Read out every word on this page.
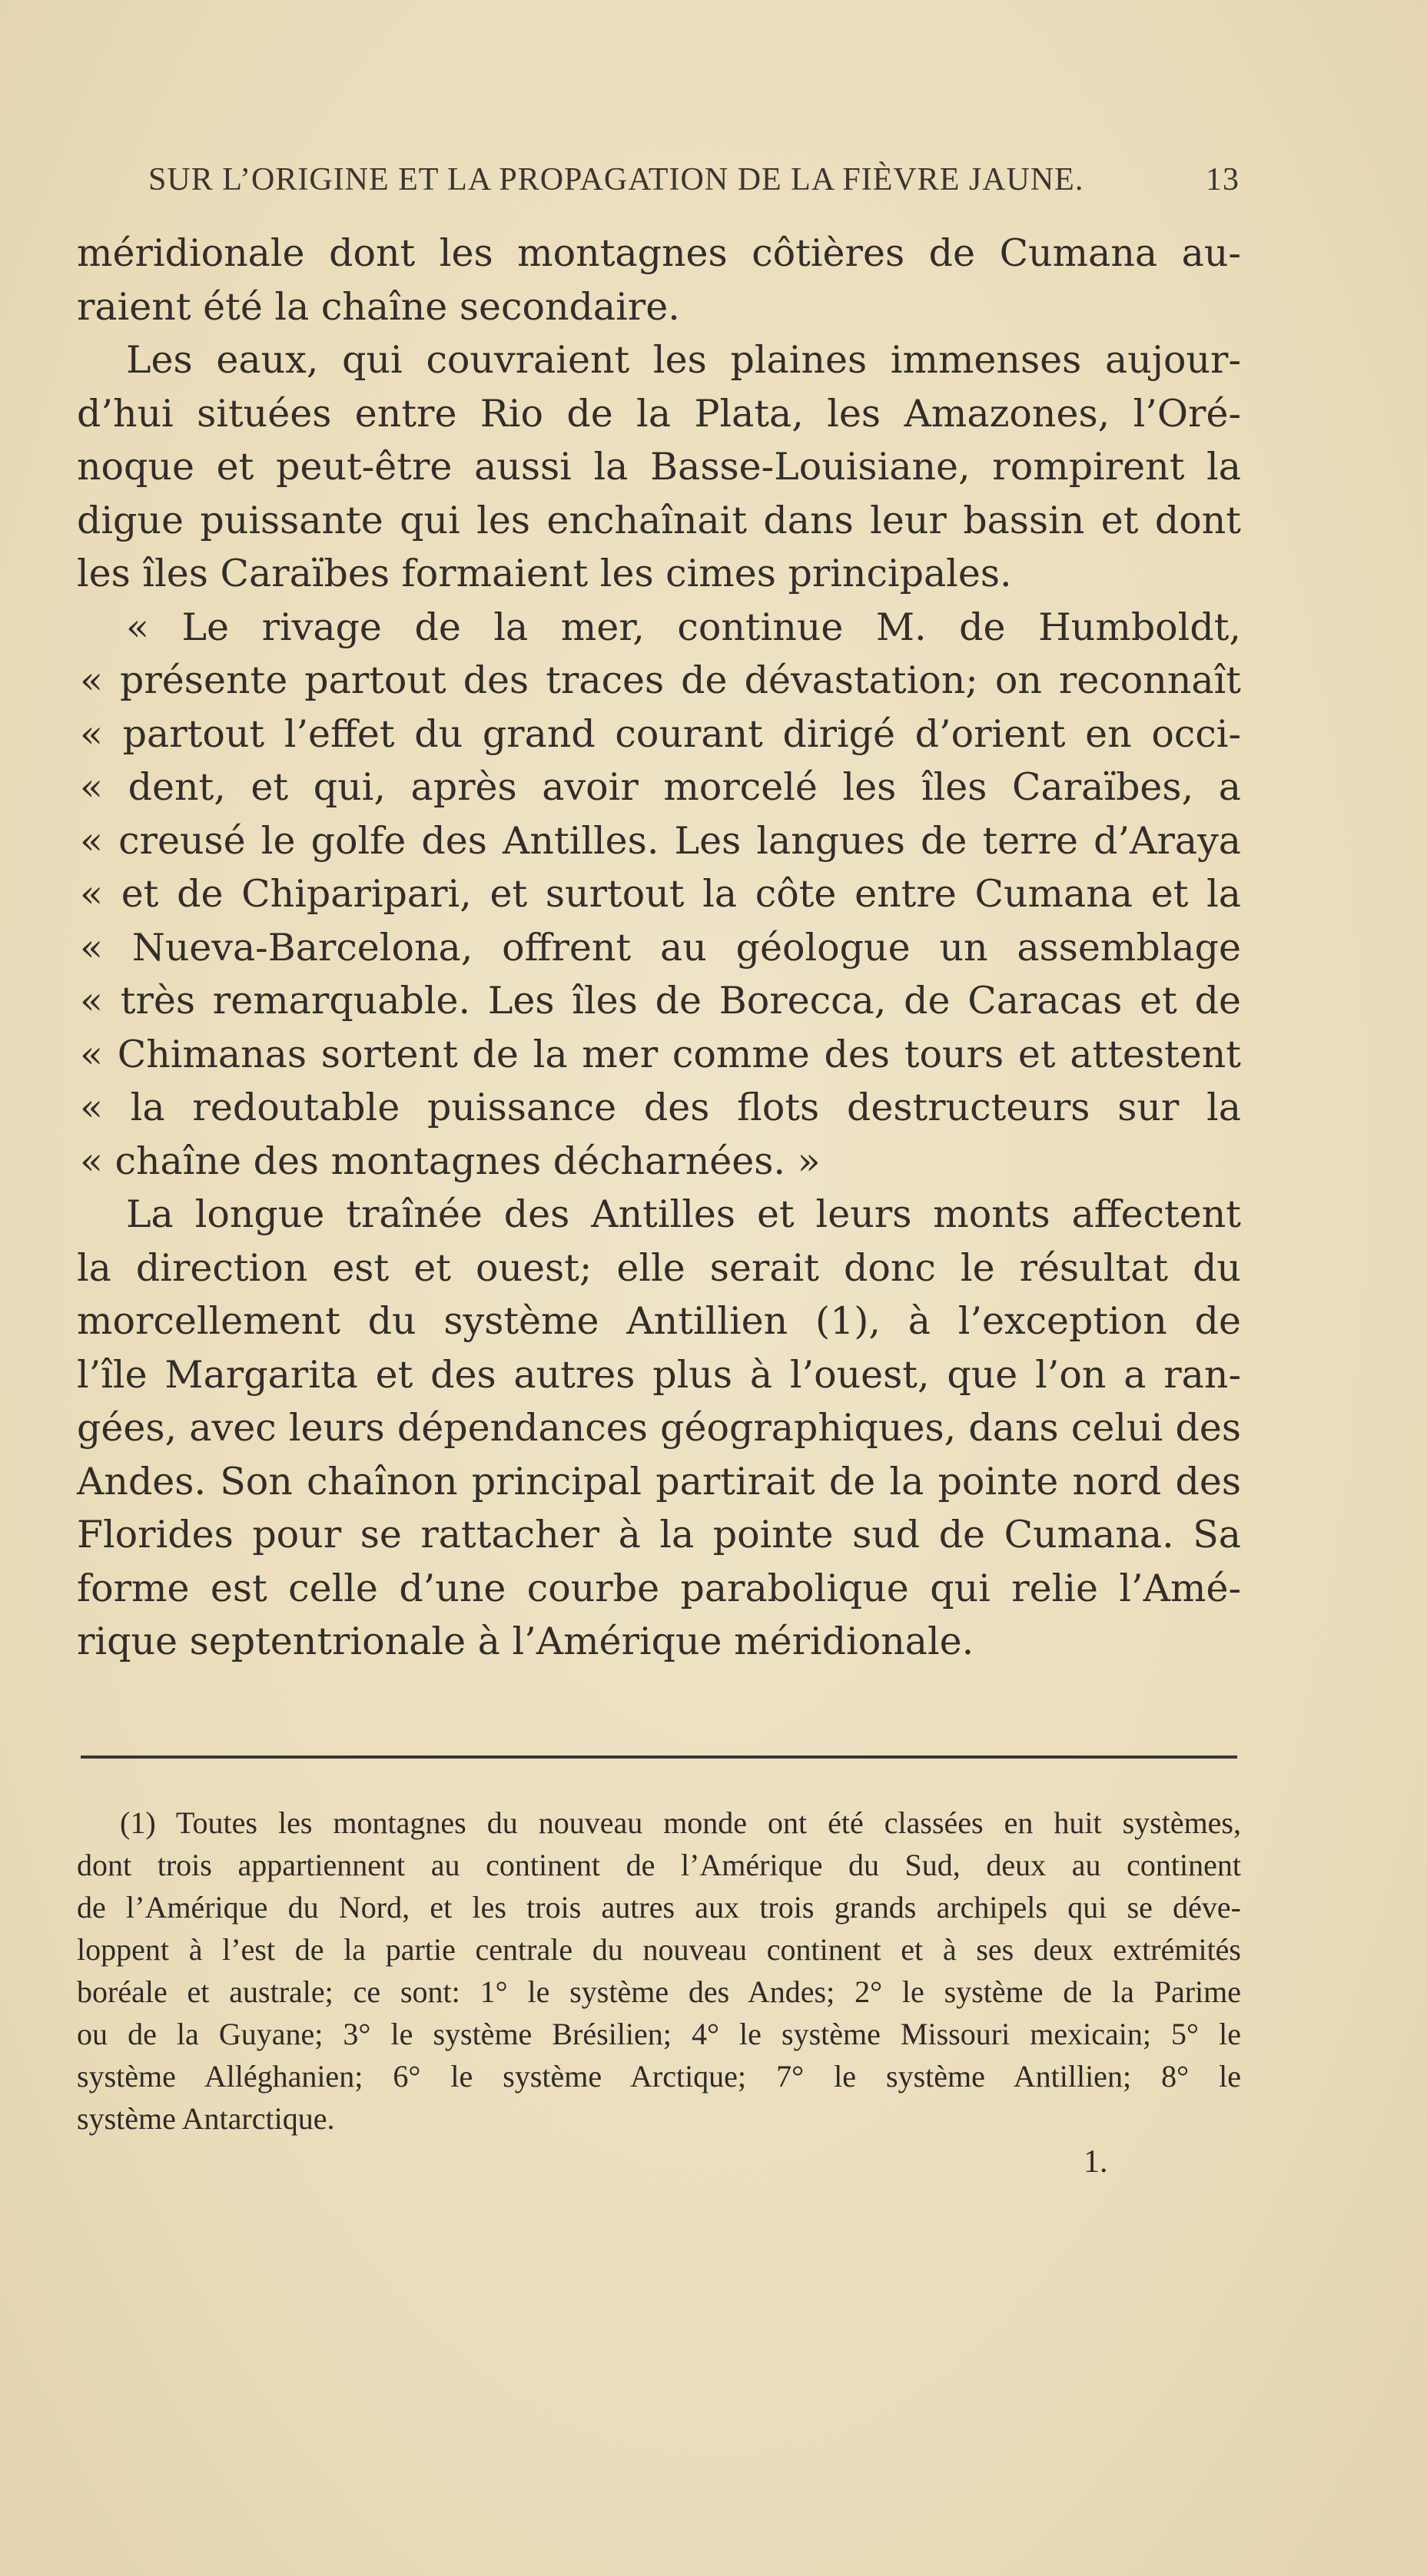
SUR L’ORIGINE ET LA PROPAGATION DE LA FIÈVRE JAUNE.	13
méridionale dont les montagnes côtières de Cumana au-
raient été la chaîne secondaire.
Les eaux, qui couvraient les plaines immenses aujour-
d’hui situées entre Rio de la Plata, les Amazones, l’Oré-
noque et peut-être aussi la Basse-Louisiane, rompirent la
digue puissante qui les enchaînait dans leur bassin et dont
les îles Caraïbes formaient les cimes principales.
« Le rivage de la mer, continue M. de Humboldt,
« présente partout des traces de dévastation; on reconnaît
« partout l’effet du grand courant dirigé d’orient en occi-
« dent, et qui, après avoir morcelé les îles Caraïbes, a
« creusé le golfe des Antilles. Les langues de terre d’Araya
« et de Chiparipari, et surtout la côte entre Cumana et la
« Nueva-Barcelona, offrent au géologue un assemblage
« très remarquable. Les îles de Borecca, de Caracas et de
« Chimanas sortent de la mer comme des tours et attestent
« la redoutable puissance des flots destructeurs sur la
« chaîne des montagnes décharnées. »
La longue traînée des Antilles et leurs monts affectent
la direction est et ouest; elle serait donc le résultat du
morcellement du système Antillien (1), à l’exception de
l’île Margarita et des autres plus à l’ouest, que l’on a ran-
gées, avec leurs dépendances géographiques, dans celui des
Andes. Son chaînon principal partirait de la pointe nord des
Florides pour se rattacher à la pointe sud de Cumana. Sa
forme est celle d’une courbe parabolique qui relie l’Amé-
rique septentrionale à l’Amérique méridionale.
(1) Toutes les montagnes du nouveau monde ont été classées en huit systèmes,
dont trois appartiennent au continent de l’Amérique du Sud, deux au continent
de l’Amérique du Nord, et les trois autres aux trois grands archipels qui se déve-
loppent à l’est de la partie centrale du nouveau continent et à ses deux extrémités
boréale et australe; ce sont: 1° le système des Andes; 2° le système de la Parime
ou de la Guyane; 3° le système Brésilien; 4° le système Missouri mexicain; 5° le
système Alléghanien; 6° le système Arctique; 7° le système Antillien; 8° le
système Antarctique.
1.
